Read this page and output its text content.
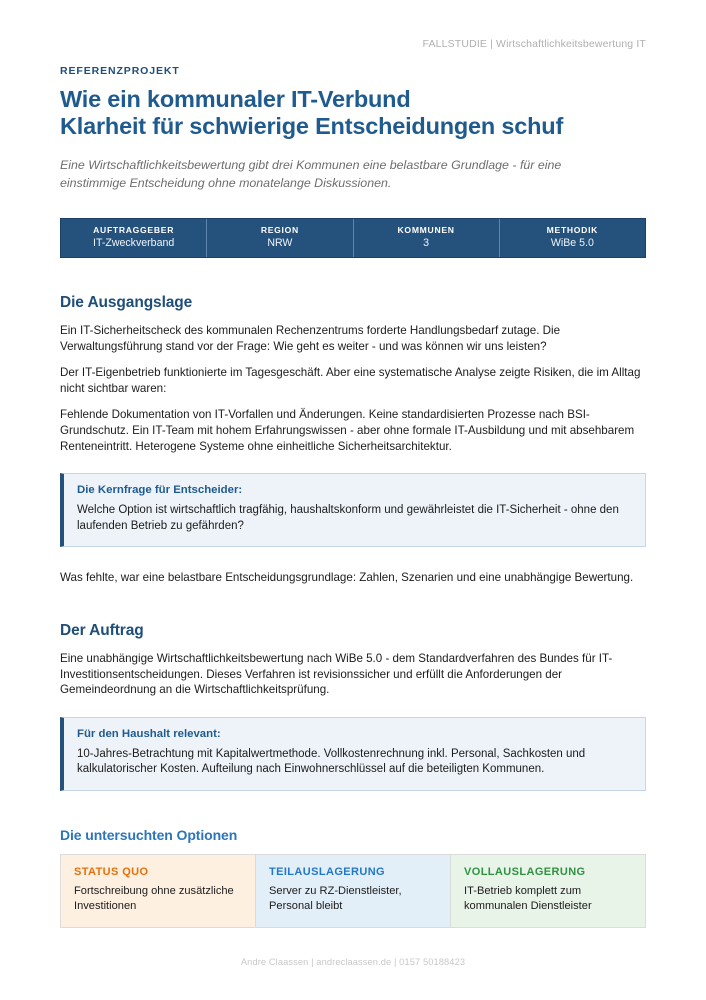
FALLSTUDIE | Wirtschaftlichkeitsbewertung IT
REFERENZPROJEKT
Wie ein kommunaler IT-Verbund
Klarheit für schwierige Entscheidungen schuf
Eine Wirtschaftlichkeitsbewertung gibt drei Kommunen eine belastbare Grundlage - für eine einstimmige Entscheidung ohne monatelange Diskussionen.
AUFTRAGGEBER
IT-Zweckverband
REGION
NRW
KOMMUNEN
3
METHODIK
WiBe 5.0
Die Ausgangslage

Ein IT-Sicherheitscheck des kommunalen Rechenzentrums forderte Handlungsbedarf zutage. Die Verwaltungsführung stand vor der Frage: Wie geht es weiter - und was können wir uns leisten?

Der IT-Eigenbetrieb funktionierte im Tagesgeschäft. Aber eine systematische Analyse zeigte Risiken, die im Alltag nicht sichtbar waren:

Fehlende Dokumentation von IT-Vorfallen und Änderungen. Keine standardisierten Prozesse nach BSI-Grundschutz. Ein IT-Team mit hohem Erfahrungswissen - aber ohne formale IT-Ausbildung und mit absehbarem Renteneintritt. Heterogene Systeme ohne einheitliche Sicherheitsarchitektur.

Die Kernfrage für Entscheider:
Welche Option ist wirtschaftlich tragfähig, haushaltskonform und gewährleistet die IT-Sicherheit - ohne den laufenden Betrieb zu gefährden?

Was fehlte, war eine belastbare Entscheidungsgrundlage: Zahlen, Szenarien und eine unabhängige Bewertung.

Der Auftrag

Eine unabhängige Wirtschaftlichkeitsbewertung nach WiBe 5.0 - dem Standardverfahren des Bundes für IT-Investitionsentscheidungen. Dieses Verfahren ist revisionssicher und erfüllt die Anforderungen der Gemeindeordnung an die Wirtschaftlichkeitsprüfung.

Für den Haushalt relevant:
10-Jahres-Betrachtung mit Kapitalwertmethode. Vollkostenrechnung inkl. Personal, Sachkosten und kalkulatorischer Kosten. Aufteilung nach Einwohnerschlüssel auf die beteiligten Kommunen.
Die untersuchten Optionen
STATUS QUO
Fortschreibung ohne zusätzliche Investitionen
TEILAUSLAGERUNG
Server zu RZ-Dienstleister, Personal bleibt
VOLLAUSLAGERUNG
IT-Betrieb komplett zum kommunalen Dienstleister
Andre Claassen | andreclaassen.de | 0157 50188423
